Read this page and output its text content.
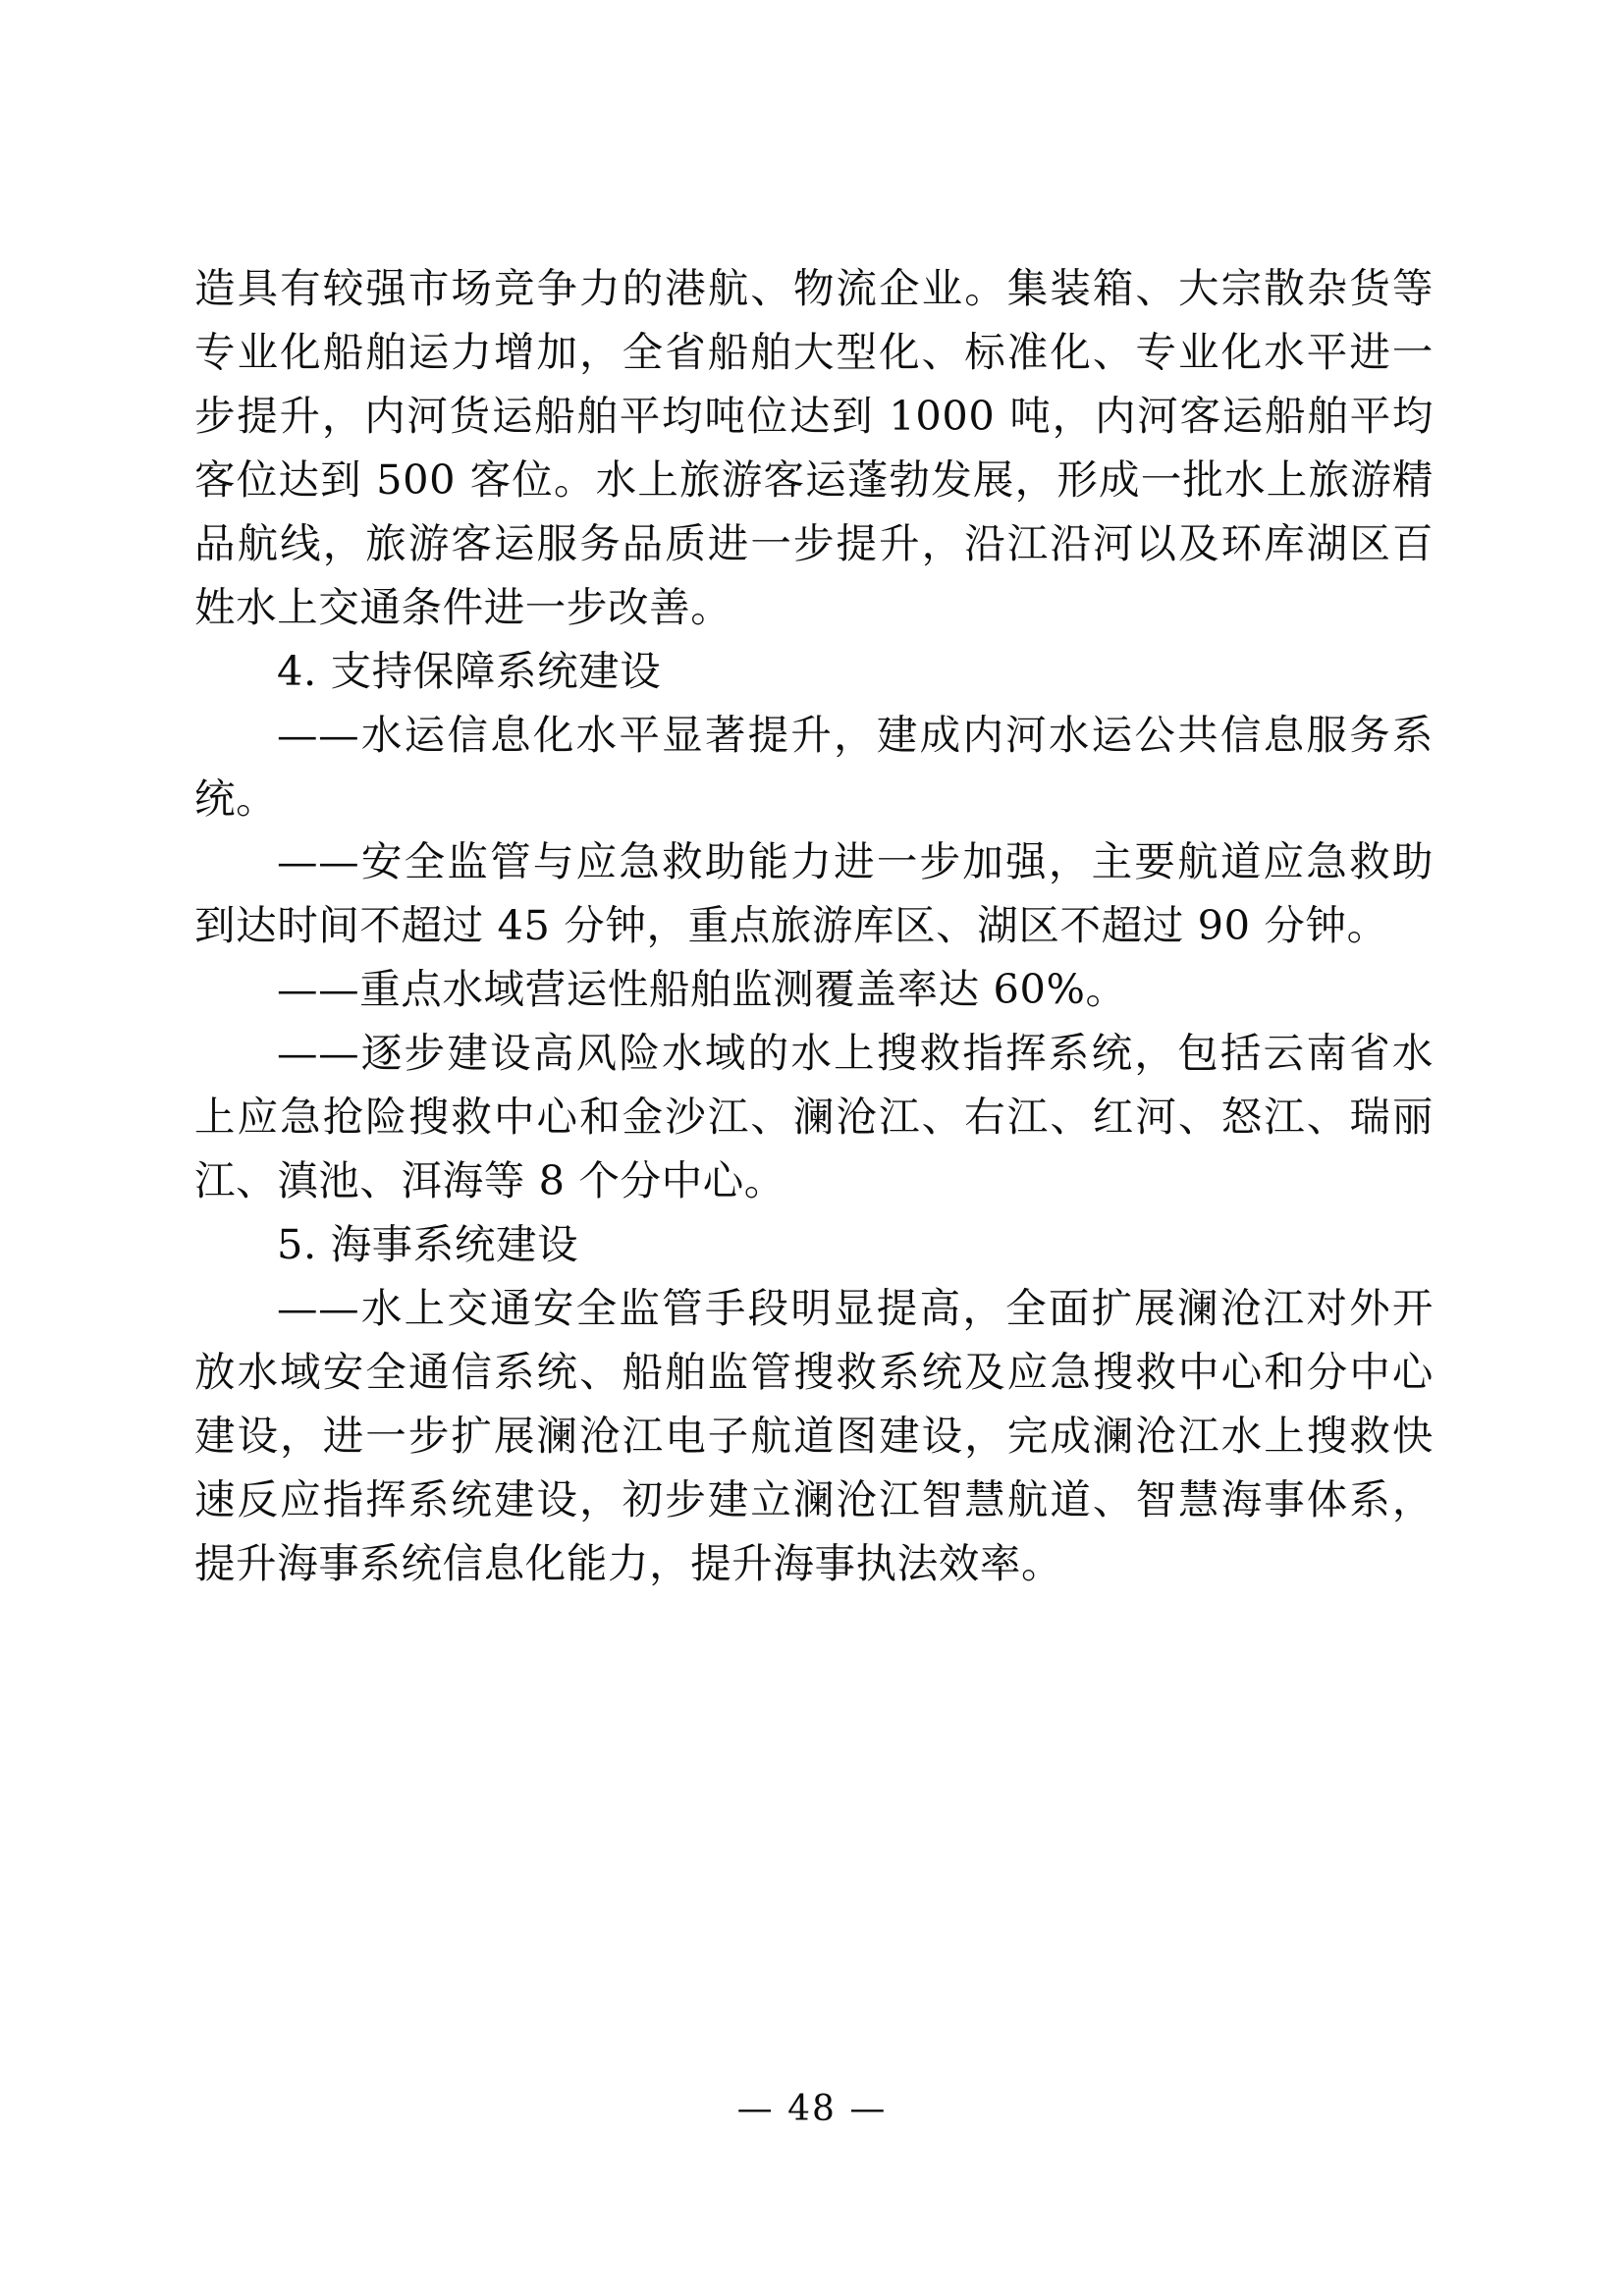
造具有较强市场竞争力的港航、物流企业。集装箱、大宗散杂货等专业化船舶运力增加，全省船舶大型化、标准化、专业化水平进一步提升，内河货运船舶平均吨位达到 1000 吨，内河客运船舶平均客位达到 500 客位。水上旅游客运蓬勃发展，形成一批水上旅游精品航线，旅游客运服务品质进一步提升，沿江沿河以及环库湖区百姓水上交通条件进一步改善。

4. 支持保障系统建设

——水运信息化水平显著提升，建成内河水运公共信息服务系统。

——安全监管与应急救助能力进一步加强，主要航道应急救助到达时间不超过 45 分钟，重点旅游库区、湖区不超过 90 分钟。

——重点水域营运性船舶监测覆盖率达 60%。

——逐步建设高风险水域的水上搜救指挥系统，包括云南省水上应急抢险搜救中心和金沙江、澜沧江、右江、红河、怒江、瑞丽江、滇池、洱海等 8 个分中心。

5. 海事系统建设

——水上交通安全监管手段明显提高，全面扩展澜沧江对外开放水域安全通信系统、船舶监管搜救系统及应急搜救中心和分中心建设，进一步扩展澜沧江电子航道图建设，完成澜沧江水上搜救快速反应指挥系统建设，初步建立澜沧江智慧航道、智慧海事体系，提升海事系统信息化能力，提升海事执法效率。

— 48 —
